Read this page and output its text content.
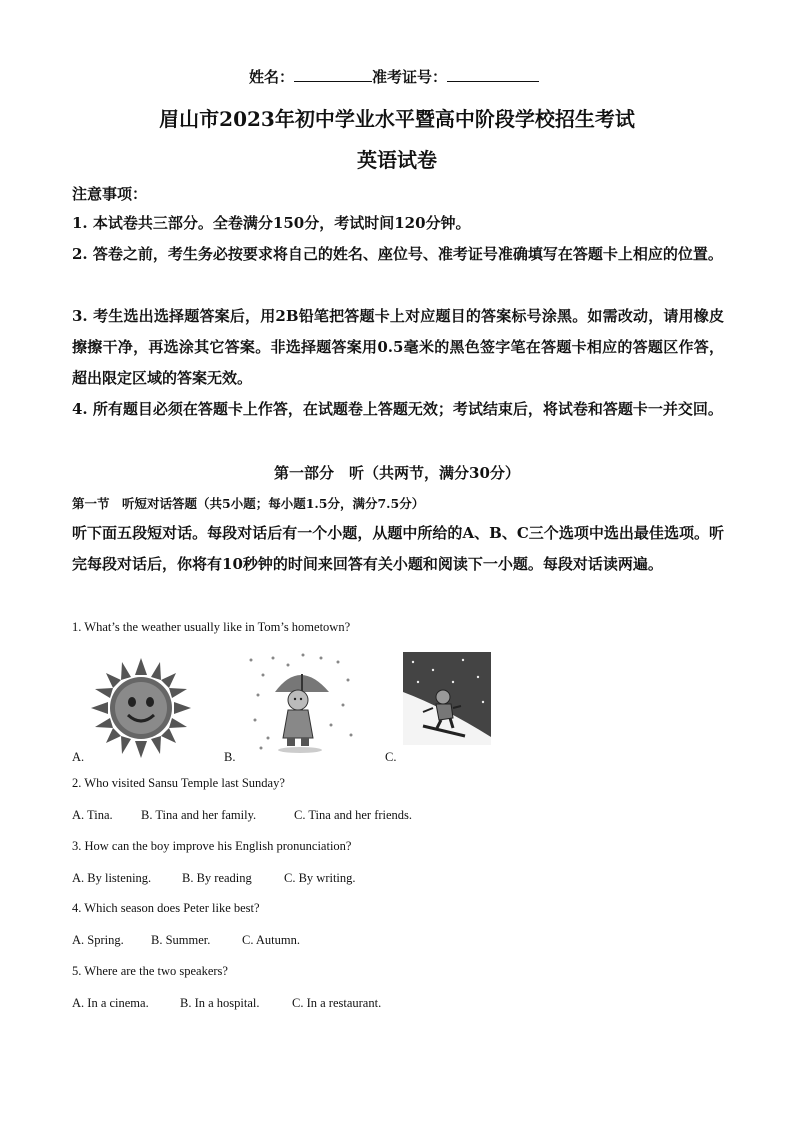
姓名：	准考证号：
眉山市2023年初中学业水平暨高中阶段学校招生考试
英语试卷
注意事项：
1. 本试卷共三部分。全卷满分150分，考试时间120分钟。
2. 答卷之前，考生务必按要求将自己的姓名、座位号、准考证号准确填写在答题卡上相应的位置。
3. 考生选出选择题答案后，用2B铅笔把答题卡上对应题目的答案标号涂黑。如需改动，请用橡皮擦擦干净，再选涂其它答案。非选择题答案用0.5毫米的黑色签字笔在答题卡相应的答题区作答，超出限定区域的答案无效。
4. 所有题目必须在答题卡上作答，在试题卷上答题无效；考试结束后，将试卷和答题卡一并交回。
第一部分　听（共两节，满分30分）
第一节　听短对话答题（共5小题；每小题1.5分，满分7.5分）
听下面五段短对话。每段对话后有一个小题，从题中所给的A、B、C三个选项中选出最佳选项。听完每段对话后，你将有10秒钟的时间来回答有关小题和阅读下一小题。每段对话读两遍。
1. What’s the weather usually like in Tom’s hometown?
A.	B.	C.
2. Who visited Sansu Temple last Sunday?
A. Tina. B. Tina and her family.	C. Tina and her friends.
3. How can the boy improve his English pronunciation?
A. By listening. B. By reading	C. By writing.
4. Which season does Peter like best?
A. Spring. B. Summer.	C. Autumn.
5. Where are the two speakers?
A. In a cinema.	B. In a hospital.	C. In a restaurant.
